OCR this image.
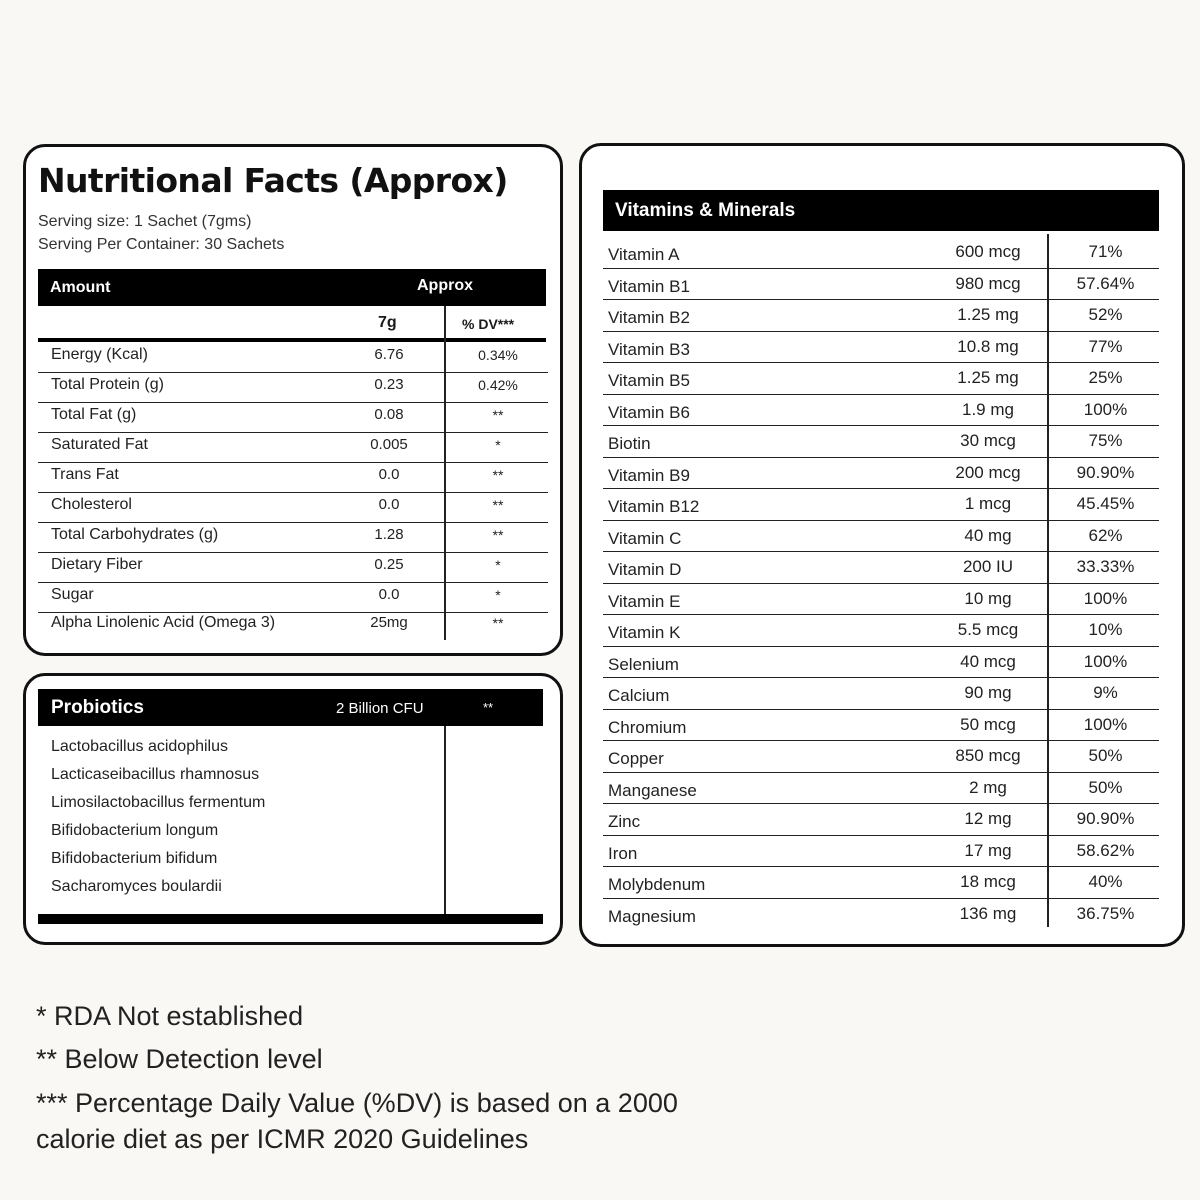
Nutritional Facts (Approx)
Serving size: 1 Sachet (7gms)
Serving Per Container: 30 Sachets
Amount	Approx
7g	% DV***
Energy (Kcal)	6.76	0.34%
Total Protein (g)	0.23	0.42%
Total Fat (g)	0.08	**
Saturated Fat	0.005	*
Trans Fat	0.0	**
Cholesterol	0.0	**
Total Carbohydrates (g)	1.28	**
Dietary Fiber	0.25	*
Sugar	0.0	*
Alpha Linolenic Acid (Omega 3)	25mg	**
Probiotics	2 Billion CFU	**
Lactobacillus acidophilus
Lacticaseibacillus rhamnosus
Limosilactobacillus fermentum
Bifidobacterium longum
Bifidobacterium bifidum
Sacharomyces boulardii
Vitamins & Minerals
Vitamin A	600 mcg	71%
Vitamin B1	980 mcg	57.64%
Vitamin B2	1.25 mg	52%
Vitamin B3	10.8 mg	77%
Vitamin B5	1.25 mg	25%
Vitamin B6	1.9 mg	100%
Biotin	30 mcg	75%
Vitamin B9	200 mcg	90.90%
Vitamin B12	1 mcg	45.45%
Vitamin C	40 mg	62%
Vitamin D	200 IU	33.33%
Vitamin E	10 mg	100%
Vitamin K	5.5 mcg	10%
Selenium	40 mcg	100%
Calcium	90 mg	9%
Chromium	50 mcg	100%
Copper	850 mcg	50%
Manganese	2 mg	50%
Zinc	12 mg	90.90%
Iron	17 mg	58.62%
Molybdenum	18 mcg	40%
Magnesium	136 mg	36.75%
* RDA Not established
** Below Detection level
*** Percentage Daily Value (%DV) is based on a 2000
calorie diet as per ICMR 2020 Guidelines
